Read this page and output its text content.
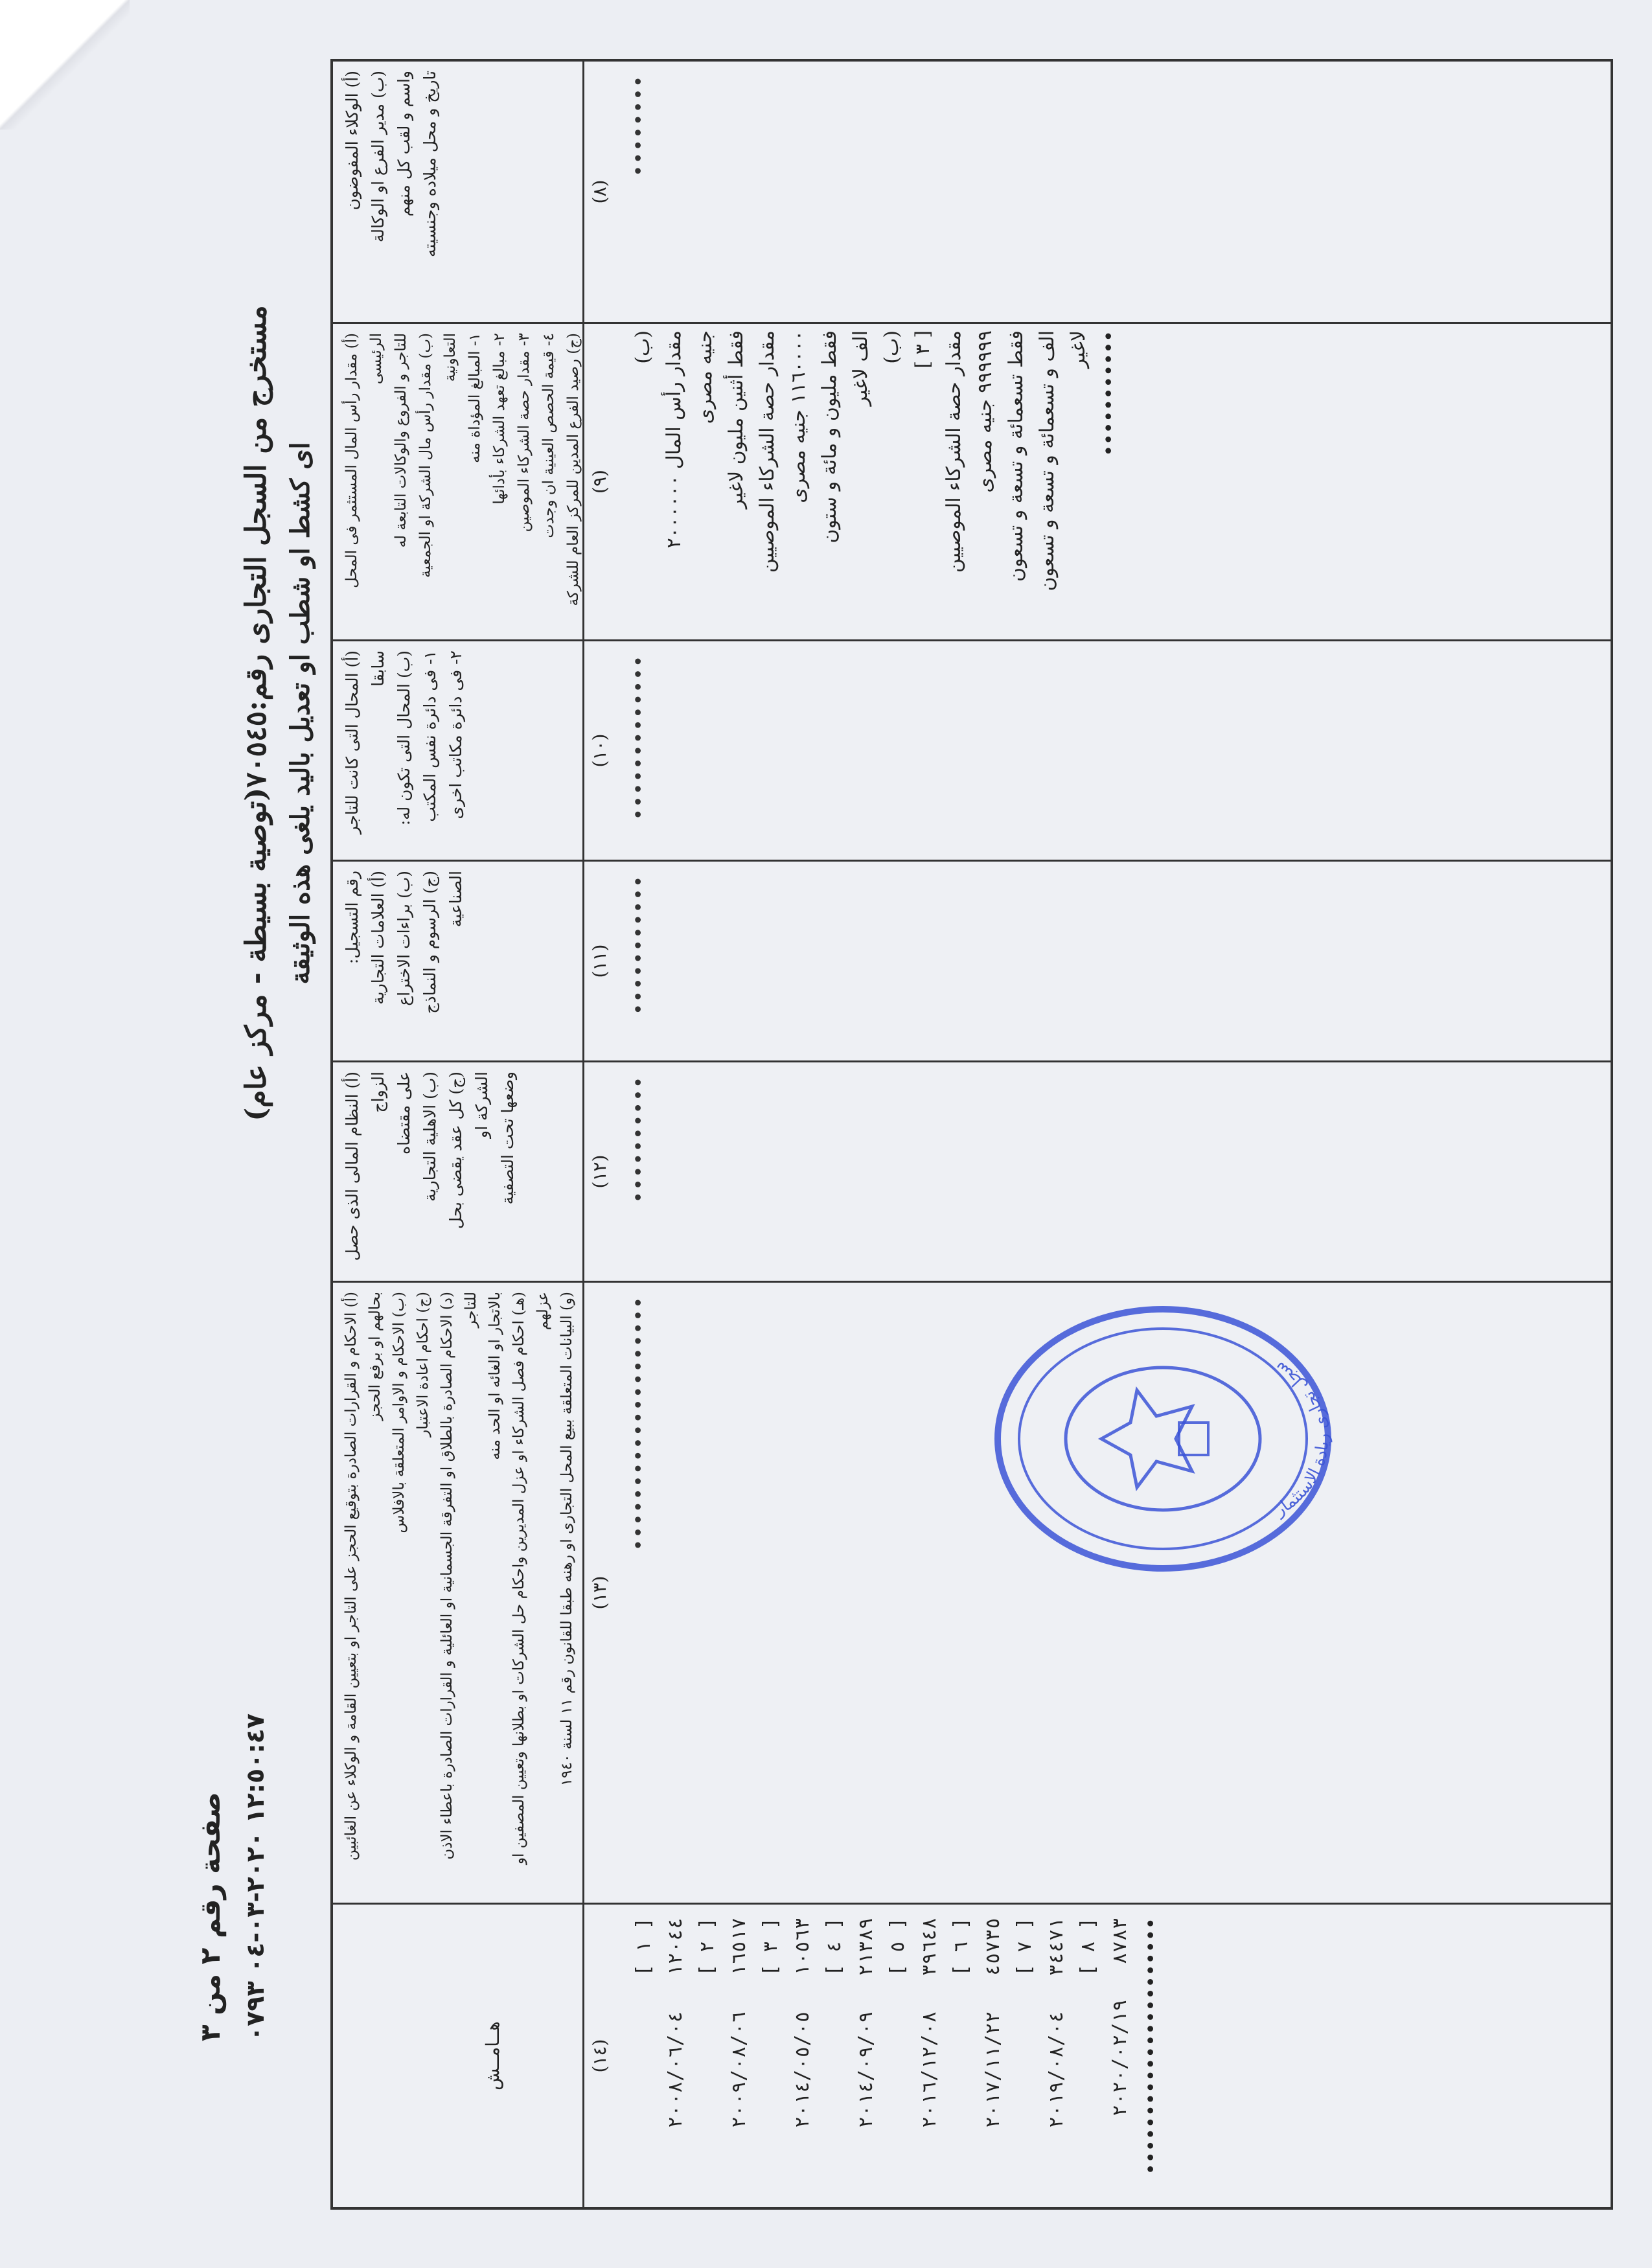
صفحة رقم ٢ من ٣
١٢:٥٠:٤٧ ٢٠٢٠-٠٣-٠٤ ٠٧٩٣
مستخرج من السجل التجارى رقم:٧٠٥٤٥(توصية بسيطة - مركز عام) اى كشط او شطب او تعديل باليد يلغى هذه الوثيقة
هــامــش	(١٤)
[ ١ ]
١٢٠٤٤   ٢٠٠٨/٠٦/٠٤ [ ٢ ]
١٦٥١٧   ٢٠٠٩/٠٨/٠٦ [ ٣ ]
١٠٥٦٣   ٢٠١٤/٠٥/٠٥ [ ٤ ]
٢١٣٨٩   ٢٠١٤/٠٩/٠٩ [ ٥ ]
٣٩٦٤٨   ٢٠١٦/١٢/٠٨ [ ٦ ]
٤٥٧٣٥   ٢٠١٧/١١/٢٢ [ ٧ ]
٣٤٤٧١   ٢٠١٩/٠٨/٠٤ [ ٨ ]
٨٧٨٣   ٢٠٢٠/٠٢/١٩ ••••••••••••••••••••••
(أ) الاحكام و القرارات الصادرة بتوقيع الحجز على التاجر او بتعيين القامة و الوكلاء عن الغائبين
بحالهم او برفع الحجز
(ب) الاحكام و الاوامر المتعلقة بالافلاس
(ج) احكام اعادة الاعتبار
(د) الاحكام الصادرة بالطلاق او التفرقة الجسمانية او العائلية و القرارات الصادرة باعطاء الاذن للتاجر
بالاتجار او الغائه او الحد منه
(هـ) احكام فصل الشركاء او عزل المديرين واحكام حل الشركات او بطلانها وتعيين المصفين او عزلهم
(و) البيانات المتعلقة ببيع المحل التجارى او رهنه طبقا للقانون رقم ١١ لسنة ١٩٤٠
(١٣)
••••••••••••••••••••
(أ) النظام المالى الذى حصل الزواج
على مقتضاه
(ب) الاهلية التجارية
(ج) كل عقد يقضى بحل الشركة او
وضعها تحت التصفية	(١٢) ••••••••••
رقم التسجيل:
(أ) العلامات التجارية
(ب) براءات الاختراع
(ج) الرسوم و النماذج الصناعية
(١١) •••••••••••
(أ) المحال التى كانت للتاجر سابقا
(ب) المحال التى تكون له:
١- فى دائرة نفس المكتب
٢- فى دائرة مكاتب اخرى
(١٠) •••••••••••••
(أ) مقدار رأس المال المستثمر فى المحل الرئيسى
للتاجر و الفروع والوكالات التابعة له
(ب) مقدار رأس مال الشركة او الجمعية التعاونية
١- المبالغ المؤداة منه
٢- مبالغ تعهد الشركاء بأدائها
٣- مقدار حصة الشركاء الموصين
٤- قيمة الحصص العينية ان وجدت
(ج) رصيد الفرع المدين للمركز العام للشركة
(٩)
(ب)
مقدار رأس المال ٢٠٠٠٠٠٠
جنيه مصرى
فقط أثنين مليون لاغير
مقدار حصة الشركاء الموصيين
١١٦٠٠٠٠ جنيه مصرى
فقط مليون و مائة و ستون
الف لاغير
(ب)
[ ٣ ]
مقدار حصة الشركاء الموصيين
٩٩٩٩٩٩ جنيه مصرى
فقط تسعمائة و تسعة و تسعون
الف و تسعمائة و تسعة و تسعون
لاغير
•••••••••••
(أ) الوكلاء المفوضون
(ب) مدير الفرع او الوكالة
واسم و لقب كل منهم
تاريخ و محل ميلاده وجنسيته
(٨)
••••••••
سجل تجارى ريادة الاستثمار
